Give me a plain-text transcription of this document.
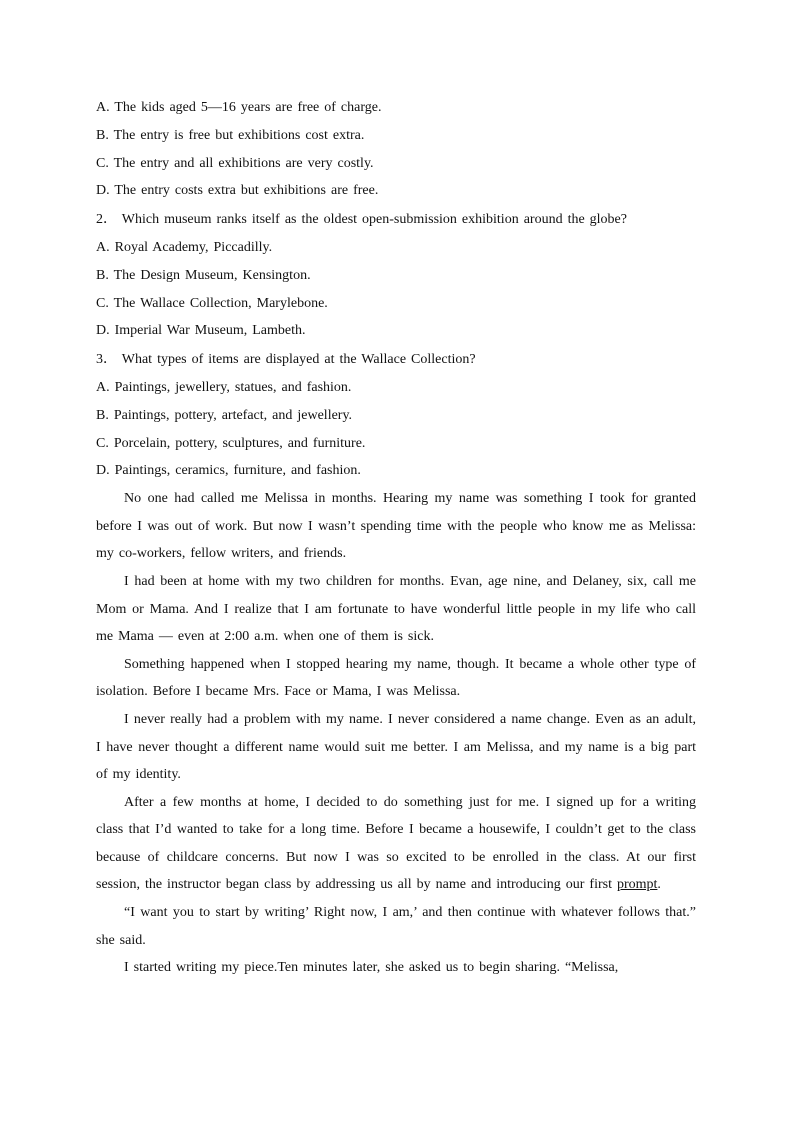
A. The kids aged 5—16 years are free of charge.
B. The entry is free but exhibitions cost extra.
C. The entry and all exhibitions are very costly.
D. The entry costs extra but exhibitions are free.
2． Which museum ranks itself as the oldest open-submission exhibition around the globe?
A. Royal Academy, Piccadilly.
B. The Design Museum, Kensington.
C. The Wallace Collection, Marylebone.
D. Imperial War Museum, Lambeth.
3． What types of items are displayed at the Wallace Collection?
A. Paintings, jewellery, statues, and fashion.
B. Paintings, pottery, artefact, and jewellery.
C. Porcelain, pottery, sculptures, and furniture.
D. Paintings, ceramics, furniture, and fashion.
No one had called me Melissa in months. Hearing my name was something I took for granted before I was out of work. But now I wasn’t spending time with the people who know me as Melissa: my co-workers, fellow writers, and friends.
I had been at home with my two children for months. Evan, age nine, and Delaney, six, call me Mom or Mama. And I realize that I am fortunate to have wonderful little people in my life who call me Mama — even at 2:00 a.m. when one of them is sick.
Something happened when I stopped hearing my name, though. It became a whole other type of isolation. Before I became Mrs. Face or Mama, I was Melissa.
I never really had a problem with my name. I never considered a name change. Even as an adult, I have never thought a different name would suit me better. I am Melissa, and my name is a big part of my identity.
After a few months at home, I decided to do something just for me. I signed up for a writing class that I’d wanted to take for a long time. Before I became a housewife, I couldn’t get to the class because of childcare concerns. But now I was so excited to be enrolled in the class. At our first session, the instructor began class by addressing us all by name and introducing our first prompt.
“I want you to start by writing’ Right now, I am,’ and then continue with whatever follows that.” she said.
I started writing my piece.Ten minutes later, she asked us to begin sharing. “Melissa,
